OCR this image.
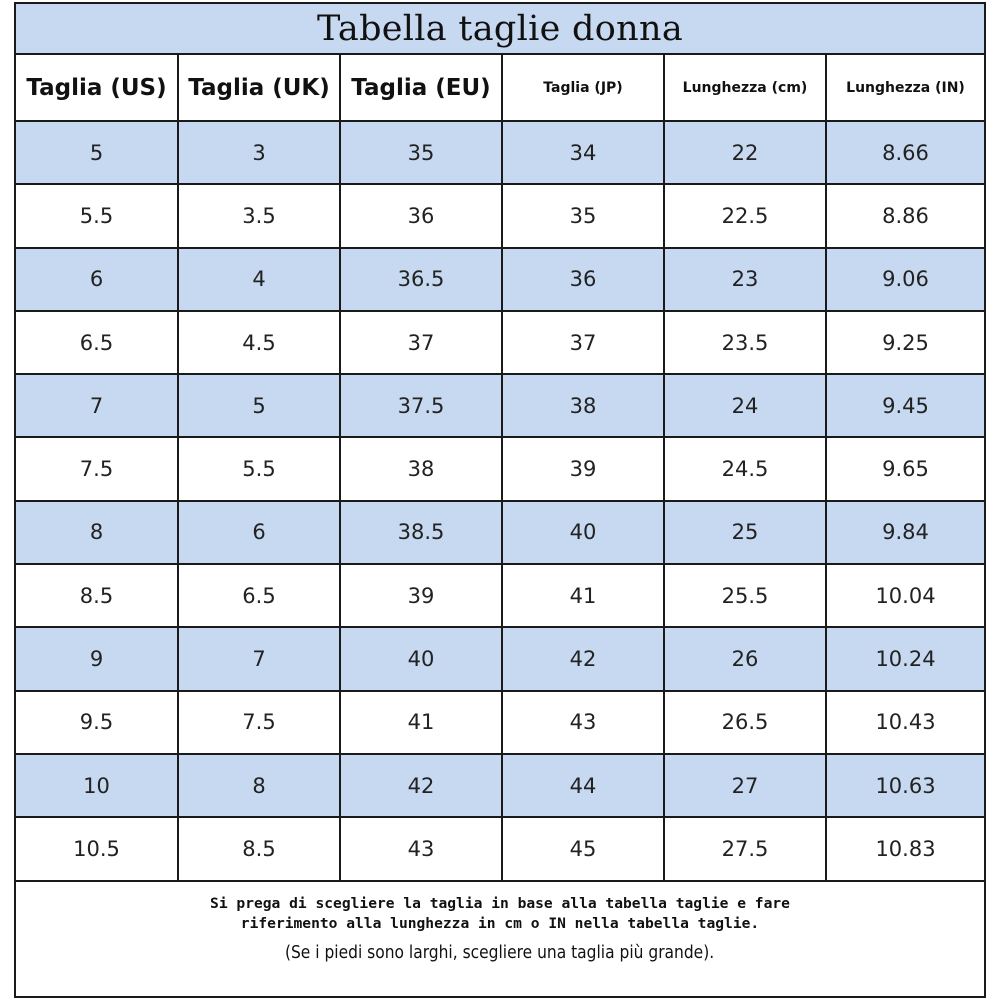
Tabella taglie donna
Taglia (US)	Taglia (UK)	Taglia (EU)	Taglia (JP)	Lunghezza (cm)	Lunghezza (IN)
5	3	35	34	22	8.66
5.5	3.5	36	35	22.5	8.86
6	4	36.5	36	23	9.06
6.5	4.5	37	37	23.5	9.25
7	5	37.5	38	24	9.45
7.5	5.5	38	39	24.5	9.65
8	6	38.5	40	25	9.84
8.5	6.5	39	41	25.5	10.04
9	7	40	42	26	10.24
9.5	7.5	41	43	26.5	10.43
10	8	42	44	27	10.63
10.5	8.5	43	45	27.5	10.83
Si prega di scegliere la taglia in base alla tabella taglie e fare riferimento alla lunghezza in cm o IN nella tabella taglie.
(Se i piedi sono larghi, scegliere una taglia più grande).
